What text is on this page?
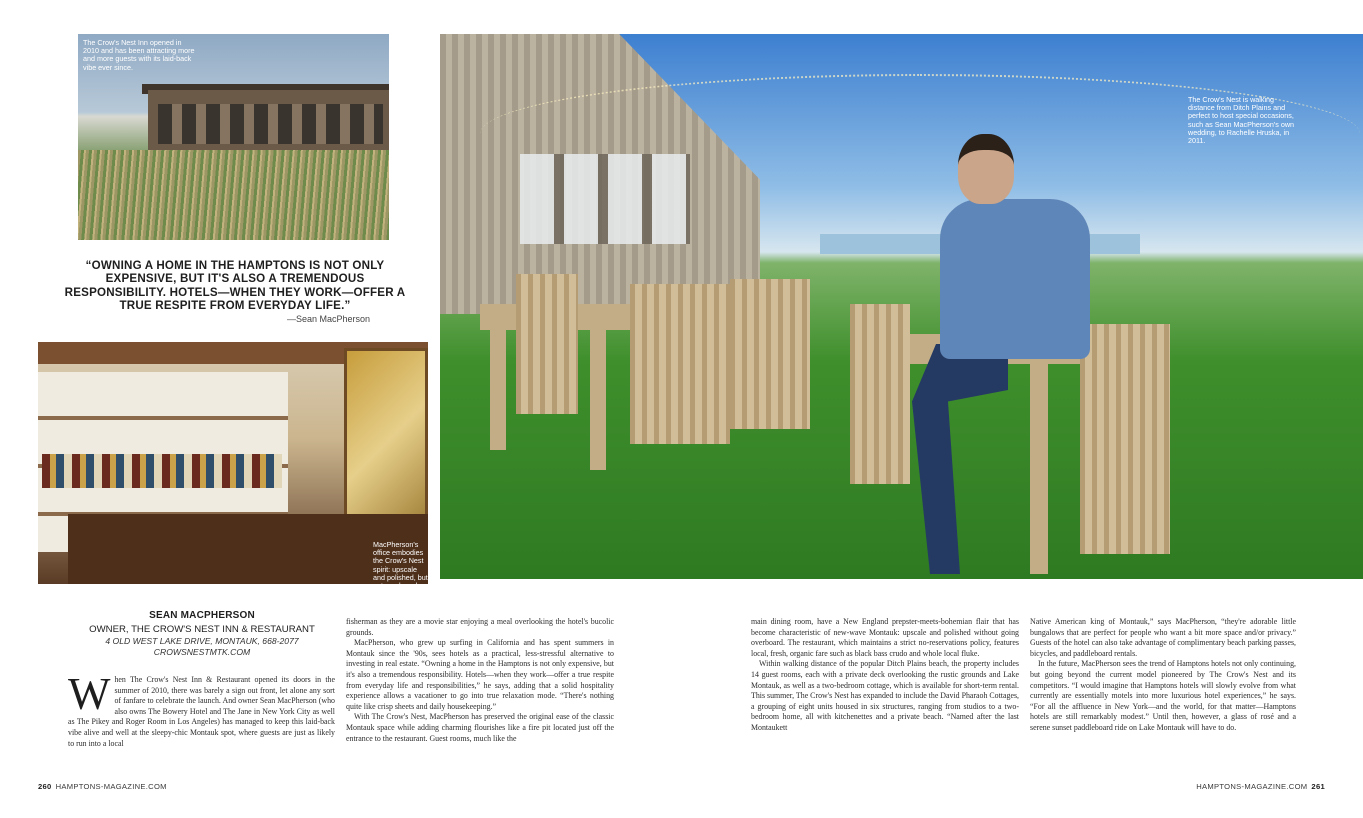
The Crow's Nest Inn opened in 2010 and has been attracting more and more guests with its laid-back vibe ever since.
“OWNING A HOME IN THE HAMPTONS IS NOT ONLY EXPENSIVE, BUT IT'S ALSO A TREMENDOUS RESPONSIBILITY. HOTELS—WHEN THEY WORK—OFFER A TRUE RESPITE FROM EVERYDAY LIFE.”
—Sean MacPherson
MacPherson's office embodies the Crow's Nest spirit: upscale and polished, but not overboard.
The Crow's Nest is walking distance from Ditch Plains and perfect to host special occasions, such as Sean MacPherson's own wedding, to Rachelle Hruska, in 2011.
SEAN MACPHERSON
OWNER, THE CROW'S NEST INN & RESTAURANT
4 OLD WEST LAKE DRIVE, MONTAUK, 668-2077
CROWSNESTMTK.COM
W hen The Crow's Nest Inn & Restaurant opened its doors in the summer of 2010, there was barely a sign out front, let alone any sort of fanfare to celebrate the launch. And owner Sean MacPherson (who also owns The Bowery Hotel and The Jane in New York City as well as The Pikey and Roger Room in Los Angeles) has managed to keep this laid-back vibe alive and well at the sleepy-chic Montauk spot, where guests are just as likely to run into a local

fisherman as they are a movie star enjoying a meal overlooking the hotel's bucolic grounds.

MacPherson, who grew up surfing in California and has spent summers in Montauk since the '90s, sees hotels as a practical, less-stressful alternative to investing in real estate. “Owning a home in the Hamptons is not only expensive, but it's also a tremendous responsibility. Hotels—when they work—offer a true respite from everyday life and responsibilities,” he says, adding that a solid hospitality experience allows a vacationer to go into true relaxation mode. “There's nothing quite like crisp sheets and daily housekeeping.”

With The Crow's Nest, MacPherson has preserved the original ease of the classic Montauk space while adding charming flourishes like a fire pit located just off the entrance to the restaurant. Guest rooms, much like the

main dining room, have a New England prepster-meets-bohemian flair that has become characteristic of new-wave Montauk: upscale and polished without going overboard. The restaurant, which maintains a strict no-reservations policy, features local, fresh, organic fare such as black bass crudo and whole local fluke.

Within walking distance of the popular Ditch Plains beach, the property includes 14 guest rooms, each with a private deck overlooking the rustic grounds and Lake Montauk, as well as a two-bedroom cottage, which is available for short-term rental. This summer, The Crow's Nest has expanded to include the David Pharaoh Cottages, a grouping of eight units housed in six structures, ranging from studios to a two-bedroom home, all with kitchenettes and a private beach. “Named after the last Montaukett

Native American king of Montauk,” says MacPherson, “they're adorable little bungalows that are perfect for people who want a bit more space and/or privacy.” Guests of the hotel can also take advantage of complimentary beach parking passes, bicycles, and paddleboard rentals.

In the future, MacPherson sees the trend of Hamptons hotels not only continuing, but going beyond the current model pioneered by The Crow's Nest and its competitors. “I would imagine that Hamptons hotels will slowly evolve from what currently are essentially motels into more luxurious hotel experiences,” he says. “For all the affluence in New York—and the world, for that matter—Hamptons hotels are still remarkably modest.” Until then, however, a glass of rosé and a serene sunset paddleboard ride on Lake Montauk will have to do.

260 HAMPTONS-MAGAZINE.COM	HAMPTONS-MAGAZINE.COM 261
